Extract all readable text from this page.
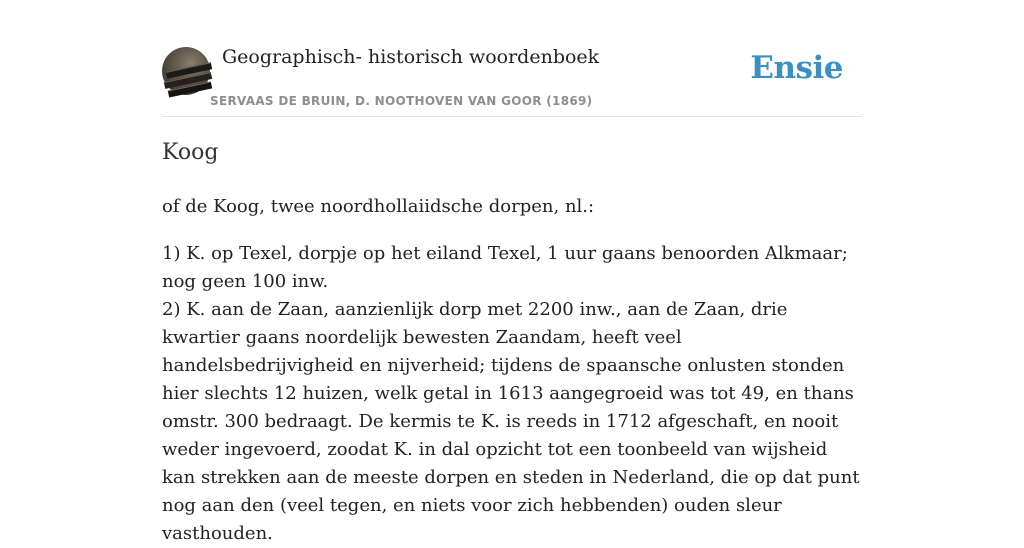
Geographisch- historisch woordenboek
SERVAAS DE BRUIN, D. NOOTHOVEN VAN GOOR (1869)
Ensie
Koog

of de Koog, twee noordhollaiidsche dorpen, nl.:

1) K. op Texel, dorpje op het eiland Texel, 1 uur gaans benoorden Alkmaar; nog geen 100 inw.

2) K. aan de Zaan, aanzienlijk dorp met 2200 inw., aan de Zaan, drie kwartier gaans noordelijk bewesten Zaandam, heeft veel handelsbedrijvigheid en nijverheid; tijdens de spaansche onlusten stonden hier slechts 12 huizen, welk getal in 1613 aangegroeid was tot 49, en thans omstr. 300 bedraagt. De kermis te K. is reeds in 1712 afgeschaft, en nooit weder ingevoerd, zoodat K. in dal opzicht tot een toonbeeld van wijsheid kan strekken aan de meeste dorpen en steden in Nederland, die op dat punt nog aan den (veel tegen, en niets voor zich hebbenden) ouden sleur vasthouden.
